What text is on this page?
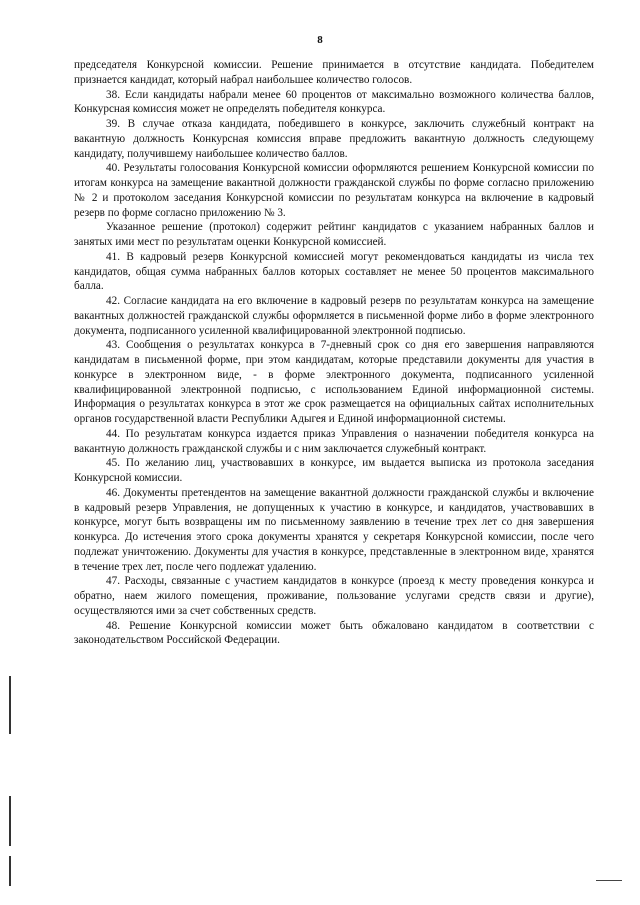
8

председателя Конкурсной комиссии. Решение принимается в отсутствие кандидата. Победителем признается кандидат, который набрал наибольшее количество голосов.

38. Если кандидаты набрали менее 60 процентов от максимально возможного количества баллов, Конкурсная комиссия может не определять победителя конкурса.

39. В случае отказа кандидата, победившего в конкурсе, заключить служебный контракт на вакантную должность Конкурсная комиссия вправе предложить вакантную должность следующему кандидату, получившему наибольшее количество баллов.

40. Результаты голосования Конкурсной комиссии оформляются решением Конкурсной комиссии по итогам конкурса на замещение вакантной должности гражданской службы по форме согласно приложению № 2 и протоколом заседания Конкурсной комиссии по результатам конкурса на включение в кадровый резерв по форме согласно приложению № 3.

Указанное решение (протокол) содержит рейтинг кандидатов с указанием набранных баллов и занятых ими мест по результатам оценки Конкурсной комиссией.

41. В кадровый резерв Конкурсной комиссией могут рекомендоваться кандидаты из числа тех кандидатов, общая сумма набранных баллов которых составляет не менее 50 процентов максимального балла.

42. Согласие кандидата на его включение в кадровый резерв по результатам конкурса на замещение вакантных должностей гражданской службы оформляется в письменной форме либо в форме электронного документа, подписанного усиленной квалифицированной электронной подписью.

43. Сообщения о результатах конкурса в 7-дневный срок со дня его завершения направляются кандидатам в письменной форме, при этом кандидатам, которые представили документы для участия в конкурсе в электронном виде, - в форме электронного документа, подписанного усиленной квалифицированной электронной подписью, с использованием Единой информационной системы. Информация о результатах конкурса в этот же срок размещается на официальных сайтах исполнительных органов государственной власти Республики Адыгея и Единой информационной системы.

44. По результатам конкурса издается приказ Управления о назначении победителя конкурса на вакантную должность гражданской службы и с ним заключается служебный контракт.

45. По желанию лиц, участвовавших в конкурсе, им выдается выписка из протокола заседания Конкурсной комиссии.

46. Документы претендентов на замещение вакантной должности гражданской службы и включение в кадровый резерв Управления, не допущенных к участию в конкурсе, и кандидатов, участвовавших в конкурсе, могут быть возвращены им по письменному заявлению в течение трех лет со дня завершения конкурса. До истечения этого срока документы хранятся у секретаря Конкурсной комиссии, после чего подлежат уничтожению. Документы для участия в конкурсе, представленные в электронном виде, хранятся в течение трех лет, после чего подлежат удалению.

47. Расходы, связанные с участием кандидатов в конкурсе (проезд к месту проведения конкурса и обратно, наем жилого помещения, проживание, пользование услугами средств связи и другие), осуществляются ими за счет собственных средств.

48. Решение Конкурсной комиссии может быть обжаловано кандидатом в соответствии с законодательством Российской Федерации.
